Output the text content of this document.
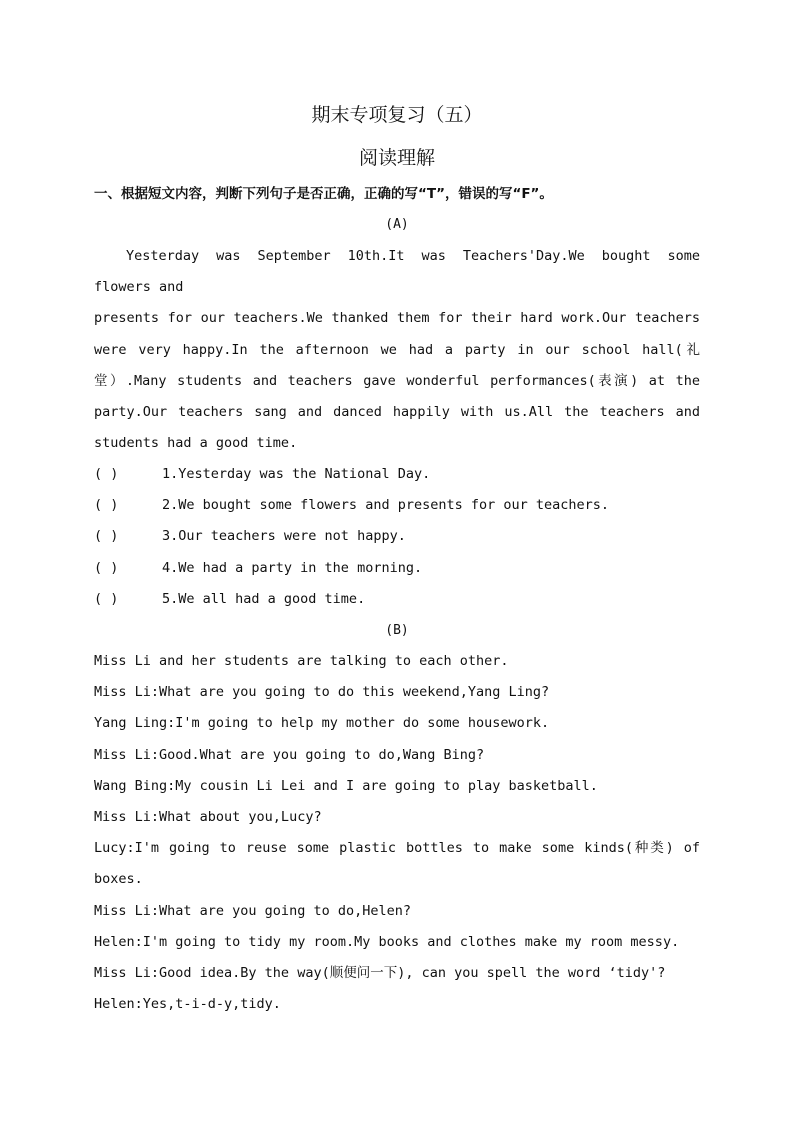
期末专项复习（五）
阅读理解
一、根据短文内容，判断下列句子是否正确，正确的写“T”，错误的写“F”。
(A)

Yesterday was September 10th.It was Teachers'Day.We bought some flowers and

presents for our teachers.We thanked them for their hard work.Our teachers were very happy.In the afternoon we had a party in our school hall(礼堂）.Many students and teachers gave wonderful performances(表演) at the party.Our teachers sang and danced happily with us.All the teachers and students had a good time.

( )	1.Yesterday was the National Day.
( )	2.We bought some flowers and presents for our teachers.
( )	3.Our teachers were not happy.
( )	4.We had a party in the morning.
( )	5.We all had a good time.
(B)
Miss Li and her students are talking to each other.
Miss Li:What are you going to do this weekend,Yang Ling?
Yang Ling:I'm going to help my mother do some housework.
Miss Li:Good.What are you going to do,Wang Bing?
Wang Bing:My cousin Li Lei and I are going to play basketball.
Miss Li:What about you,Lucy?
Lucy:I'm going to reuse some plastic bottles to make some kinds(种类) of boxes.
Miss Li:What are you going to do,Helen?
Helen:I'm going to tidy my room.My books and clothes make my room messy.
Miss Li:Good idea.By the way(顺便问一下), can you spell the word ‘tidy'?
Helen:Yes,t-i-d-y,tidy.
